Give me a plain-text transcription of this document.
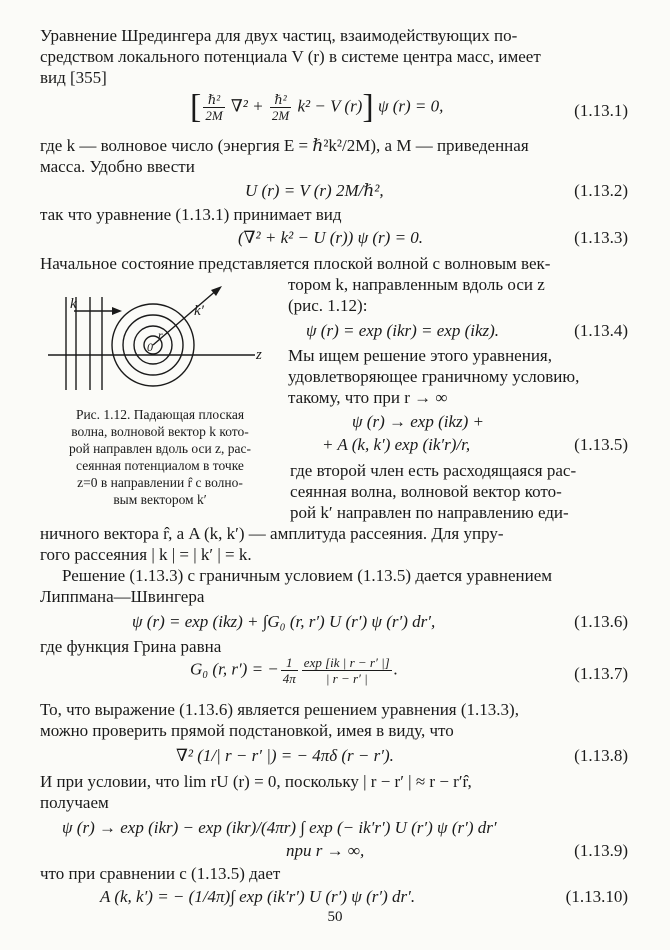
Уравнение Шредингера для двух частиц, взаимодействующих по-
средством локального потенциала V (r) в системе центра масс, имеет
вид [355]
[ $\frac{\text{ℏ²}}{2M} \nabla^2 + \frac{\text{ℏ²}}{2M} k^2 - V$ (r)] ψ (r) = 0,	(1.13.1)
где k — волновое число (энергия E = ℏ²k²/2M), а M — приведенная
масса. Удобно ввести
U (r) = V (r) 2M/ℏ²,	(1.13.2)
так что уравнение (1.13.1) принимает вид
(∇² + k² − U (r)) ψ (r) = 0.	(1.13.3)
Начальное состояние представляется плоской волной с волновым век-
тором k, направленным вдоль оси z
(рис. 1.12):
ψ (r) = exp (ikr) = exp (ikz).	(1.13.4)
Мы ищем решение этого уравнения,
удовлетворяющее граничному условию,
такому, что при r → ∞
ψ (r) → exp (ikz) +
+ A (k, k′) exp (ik′r)/r,	(1.13.5)
где второй член есть расходящаяся рас-
сеянная волна, волновой вектор кото-
рой k′ направлен по направлению еди-
k	k′
r
0	z
Рис. 1.12. Падающая плоская
волна, волновой вектор k кото-
рой направлен вдоль оси z, рас-
сеянная потенциалом в точке
z=0 в направлении r̂ с волно-
вым вектором k′
ничного вектора r̂, а A (k, k′) — амплитуда рассеяния. Для упру-
гого рассеяния | k | = | k′ | = k.
Решение (1.13.3) с граничным условием (1.13.5) дается уравнением
Липпмана—Швингера
ψ (r) = exp (ikz) + ∫G₀ (r, r′) U (r′) ψ (r′) dr′,	(1.13.6)
где функция Грина равна
G₀ (r, r′) = − $\frac{1}{4\pi} \frac{\exp [ik | r - r' |]}{| r - r' |}$ .	(1.13.7)
То, что выражение (1.13.6) является решением уравнения (1.13.3),
можно проверить прямой подстановкой, имея в виду, что
∇² (1/| r − r′ |) = − 4πδ (r − r′).	(1.13.8)
И при условии, что lim rU (r) = 0, поскольку | r − r′ | ≈ r − r′r̂,
получаем
ψ (r) → exp (ikr) − exp (ikr)/(4πr) ∫ exp (− ik′r′) U (r′) ψ (r′) dr′
при r → ∞,	(1.13.9)
что при сравнении с (1.13.5) дает
A (k, k′) = − (1/4π)∫ exp (ik′r′) U (r′) ψ (r′) dr′.	(1.13.10)
50
